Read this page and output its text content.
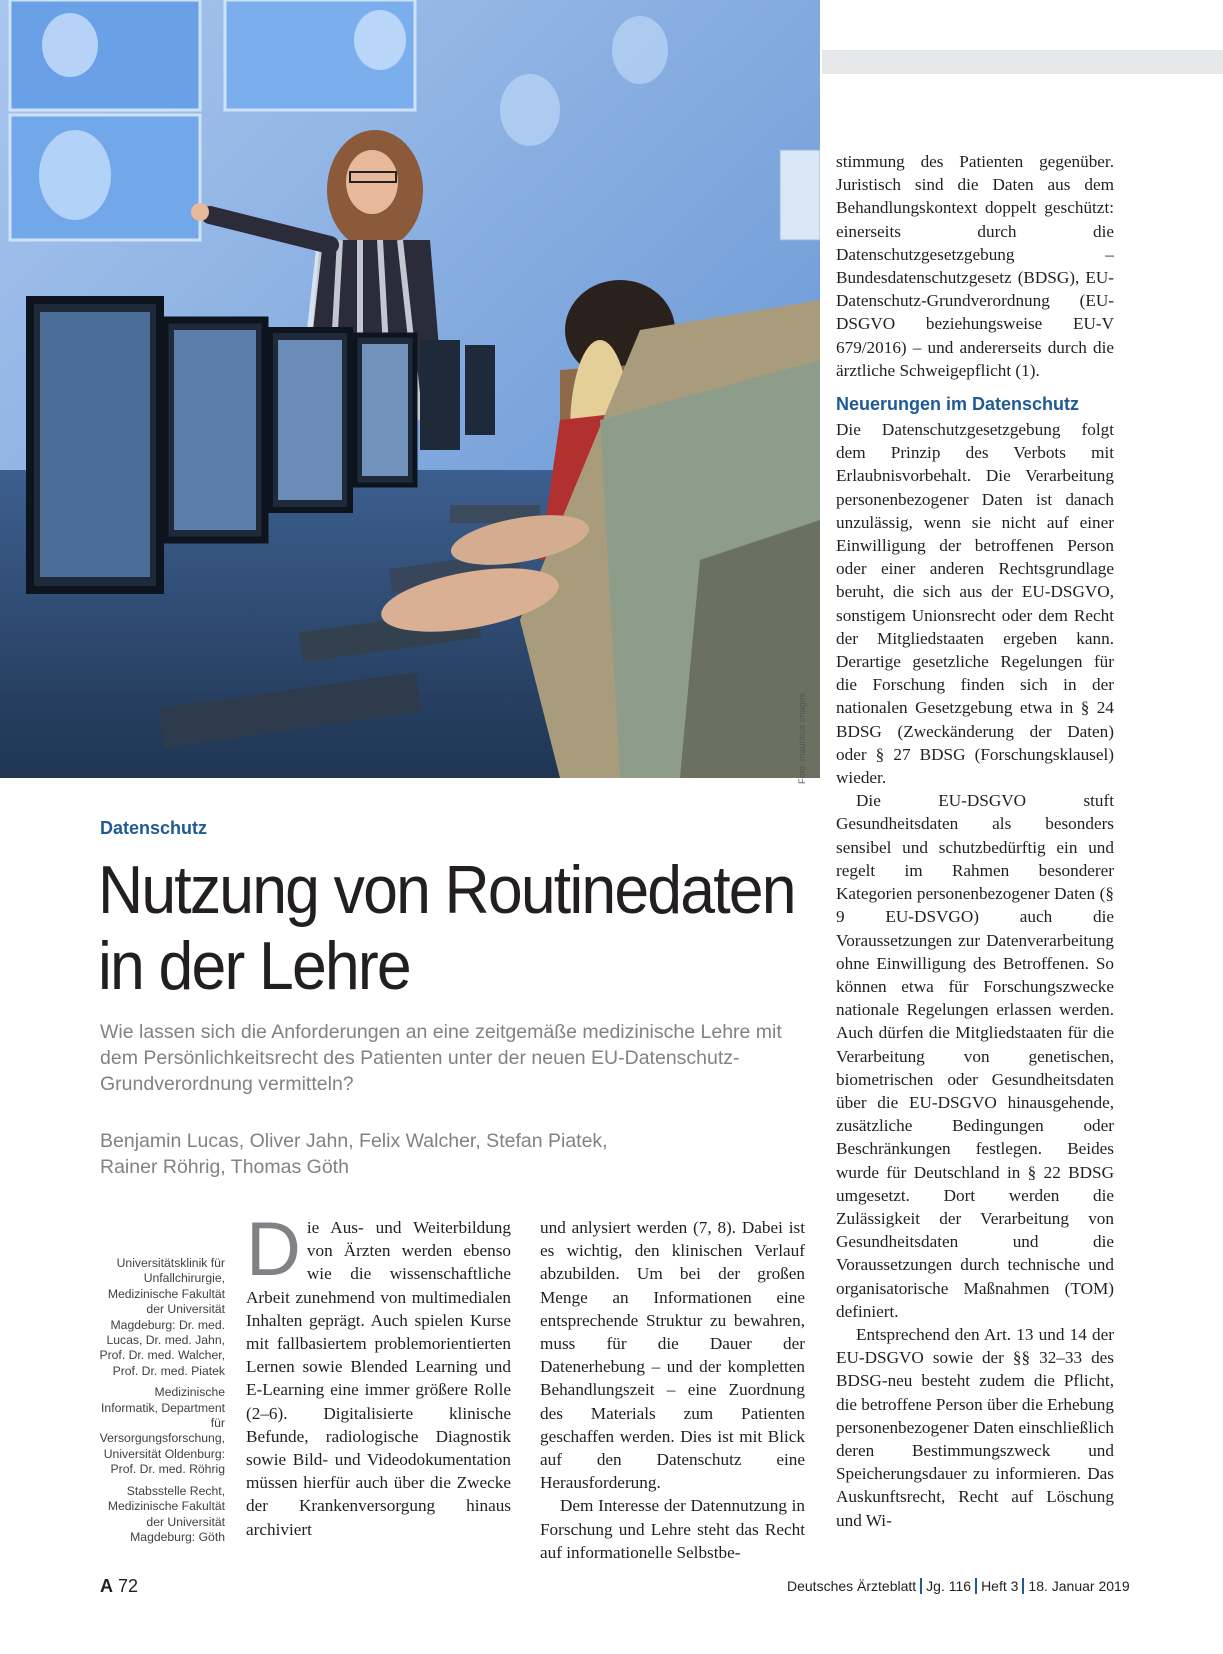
Foto: mauritius images
Datenschutz
Nutzung von Routinedaten
in der Lehre
Wie lassen sich die Anforderungen an eine zeitgemäße medizinische Lehre mit dem Persönlichkeitsrecht des Patienten unter der neuen EU-Datenschutz-Grundverordnung vermitteln?
Benjamin Lucas, Oliver Jahn, Felix Walcher, Stefan Piatek,
Rainer Röhrig, Thomas Göth

Universitätsklinik für Unfallchirurgie, Medizinische Fakultät der Universität Magdeburg: Dr. med. Lucas, Dr. med. Jahn, Prof. Dr. med. Walcher, Prof. Dr. med. Piatek

Medizinische Informatik, Department für Versorgungsforschung, Universität Oldenburg: Prof. Dr. med. Röhrig

Stabsstelle Recht, Medizinische Fakultät der Universität Magdeburg: Göth

D ie Aus- und Weiterbildung von Ärzten werden ebenso wie die wissenschaftliche Arbeit zunehmend von multimedialen Inhalten geprägt. Auch spielen Kurse mit fallbasiertem problemorientierten Lernen sowie Blended Learning und E-Learning eine immer größere Rolle (2–6). Digitalisierte klinische Befunde, radiologische Diagnostik sowie Bild- und Videodokumentation müssen hierfür auch über die Zwecke der Krankenversorgung hinaus archiviert

und anlysiert werden (7, 8). Dabei ist es wichtig, den klinischen Verlauf abzubilden. Um bei der großen Menge an Informationen eine entsprechende Struktur zu bewahren, muss für die Dauer der Datenerhebung – und der kompletten Behandlungszeit – eine Zuordnung des Materials zum Patienten geschaffen werden. Dies ist mit Blick auf den Datenschutz eine Herausforderung.

Dem Interesse der Datennutzung in Forschung und Lehre steht das Recht auf informationelle Selbstbe-

stimmung des Patienten gegenüber. Juristisch sind die Daten aus dem Behandlungskontext doppelt geschützt: einerseits durch die Datenschutzgesetzgebung – Bundesdatenschutzgesetz (BDSG), EU-Datenschutz-Grundverordnung (EU-DSGVO beziehungsweise EU-V 679/2016) – und andererseits durch die ärztliche Schweigepflicht (1).

Neuerungen im Datenschutz

Die Datenschutzgesetzgebung folgt dem Prinzip des Verbots mit Erlaubnisvorbehalt. Die Verarbeitung personenbezogener Daten ist danach unzulässig, wenn sie nicht auf einer Einwilligung der betroffenen Person oder einer anderen Rechtsgrundlage beruht, die sich aus der EU-DSGVO, sonstigem Unionsrecht oder dem Recht der Mitgliedstaaten ergeben kann. Derartige gesetzliche Regelungen für die Forschung finden sich in der nationalen Gesetzgebung etwa in § 24 BDSG (Zweckänderung der Daten) oder § 27 BDSG (Forschungsklausel) wieder.

Die EU-DSGVO stuft Gesundheitsdaten als besonders sensibel und schutzbedürftig ein und regelt im Rahmen besonderer Kategorien personenbezogener Daten (§ 9 EU-DSVGO) auch die Voraussetzungen zur Datenverarbeitung ohne Einwilligung des Betroffenen. So können etwa für Forschungszwecke nationale Regelungen erlassen werden. Auch dürfen die Mitgliedstaaten für die Verarbeitung von genetischen, biometrischen oder Gesundheitsdaten über die EU-DSGVO hinausgehende, zusätzliche Bedingungen oder Beschränkungen festlegen. Beides wurde für Deutschland in § 22 BDSG umgesetzt. Dort werden die Zulässigkeit der Verarbeitung von Gesundheitsdaten und die Voraussetzungen durch technische und organisatorische Maßnahmen (TOM) definiert.

Entsprechend den Art. 13 und 14 der EU-DSGVO sowie der §§ 32–33 des BDSG-neu besteht zudem die Pflicht, die betroffene Person über die Erhebung personenbezogener Daten einschließlich deren Bestimmungszweck und Speicherungsdauer zu informieren. Das Auskunftsrecht, Recht auf Löschung und Wi-

A 72	Deutsches Ärzteblatt Jg. 116 Heft 3 18. Januar 2019
